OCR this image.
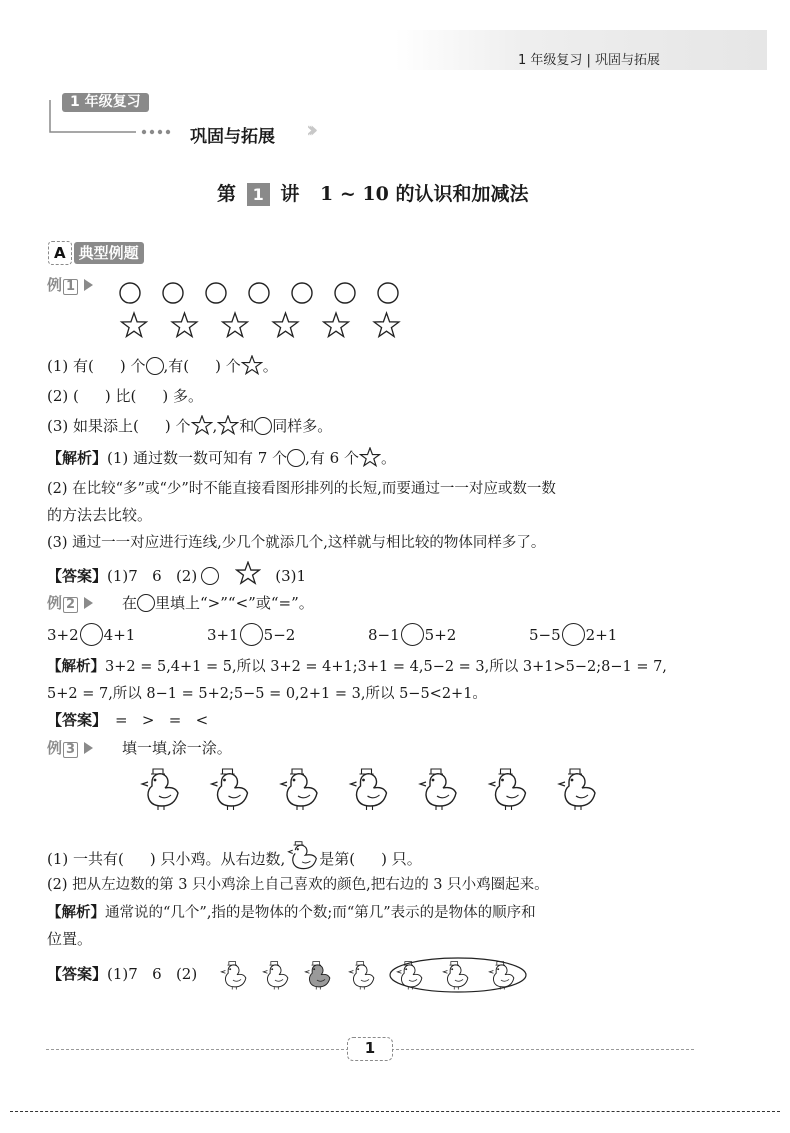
1 年级复习 | 巩固与拓展
1 年级复习
巩固与拓展 ›››
第 1 讲 1 ~ 10 的认识和加减法
A 典型例题
例 1
(1) 有( ) 个 ,有( ) 个 。
(2) ( ) 比( ) 多。
(3) 如果添上( ) 个 , 和 同样多。
【解析】(1) 通过数一数可知有 7 个 ,有 6 个 。
(2) 在比较“多”或“少”时不能直接看图形排列的长短,而要通过一一对应或数一数
的方法去比较。
(3) 通过一一对应进行连线,少几个就添几个,这样就与相比较的物体同样多了。
【答案】(1)7   6   (2)	(3)1
例 2	在 里填上“>”“<”或“=”。
3+2 4+1	3+1 5−2	8−1 5+2	5−5 2+1
【解析】3+2 = 5,4+1 = 5,所以 3+2 = 4+1;3+1 = 4,5−2 = 3,所以 3+1>5−2;8−1 = 7,
5+2 = 7,所以 8−1 = 5+2;5−5 = 0,2+1 = 3,所以 5−5<2+1。
【答案】 =   >   =   <
例 3	填一填,涂一涂。
(1) 一共有( ) 只小鸡。从右边数, 是第( ) 只。
(2) 把从左边数的第 3 只小鸡涂上自己喜欢的颜色,把右边的 3 只小鸡圈起来。
【解析】通常说的“几个”,指的是物体的个数;而“第几”表示的是物体的顺序和
位置。
【答案】(1)7   6   (2)
1
